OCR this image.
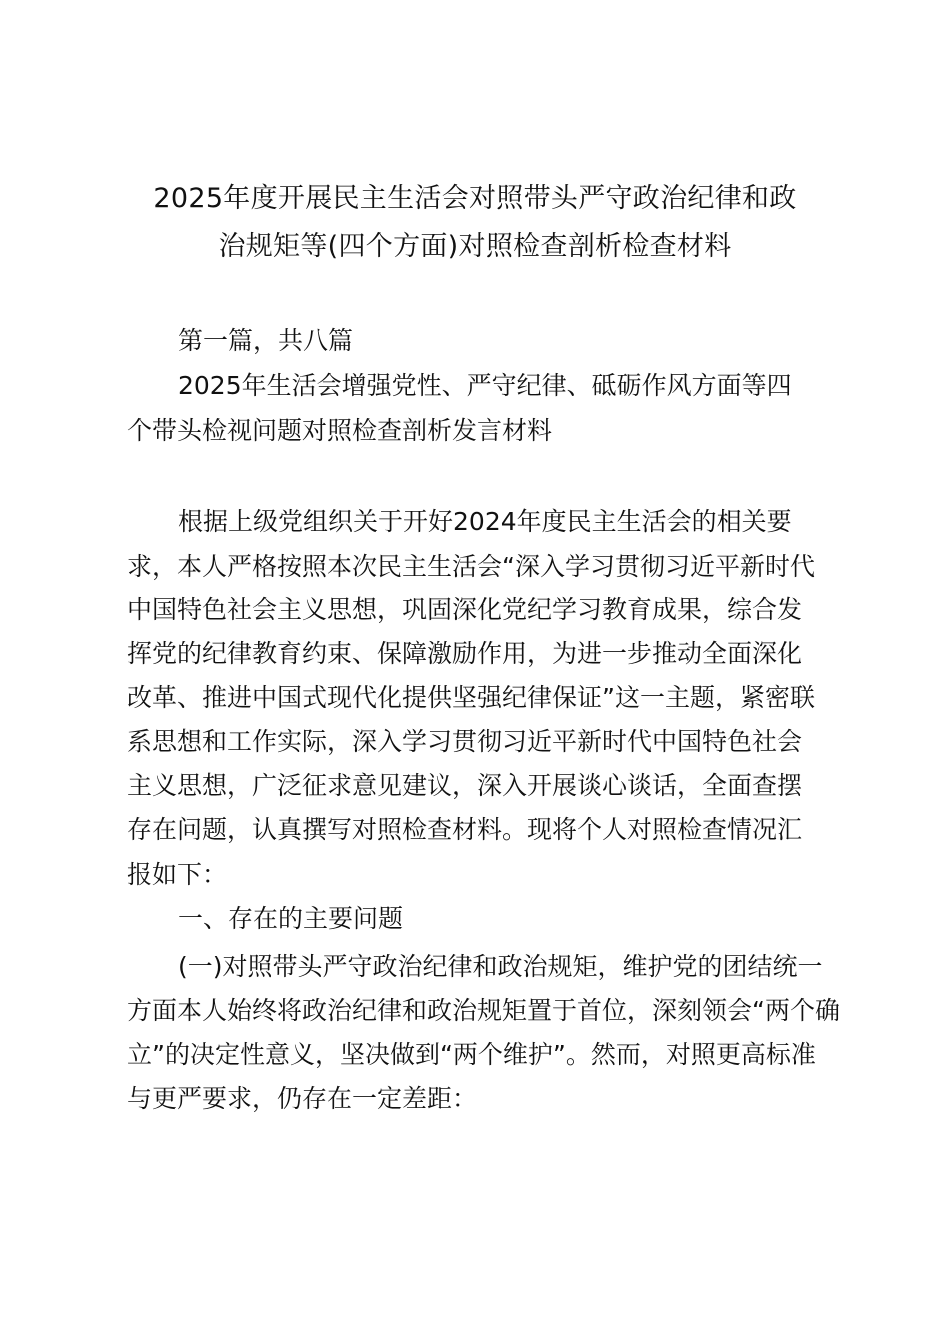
2025年度开展民主生活会对照带头严守政治纪律和政
治规矩等(四个方面)对照检查剖析检查材料

第一篇，共八篇

2025年生活会增强党性、严守纪律、砥砺作风方面等四

个带头检视问题对照检查剖析发言材料

根据上级党组织关于开好2024年度民主生活会的相关要

求，本人严格按照本次民主生活会“深入学习贯彻习近平新时代

中国特色社会主义思想，巩固深化党纪学习教育成果，综合发

挥党的纪律教育约束、保障激励作用，为进一步推动全面深化

改革、推进中国式现代化提供坚强纪律保证”这一主题，紧密联

系思想和工作实际，深入学习贯彻习近平新时代中国特色社会

主义思想，广泛征求意见建议，深入开展谈心谈话，全面查摆

存在问题，认真撰写对照检查材料。现将个人对照检查情况汇

报如下：

一、存在的主要问题

(一)对照带头严守政治纪律和政治规矩，维护党的团结统一

方面本人始终将政治纪律和政治规矩置于首位，深刻领会“两个确

立”的决定性意义，坚决做到“两个维护”。然而，对照更高标准

与更严要求，仍存在一定差距：
